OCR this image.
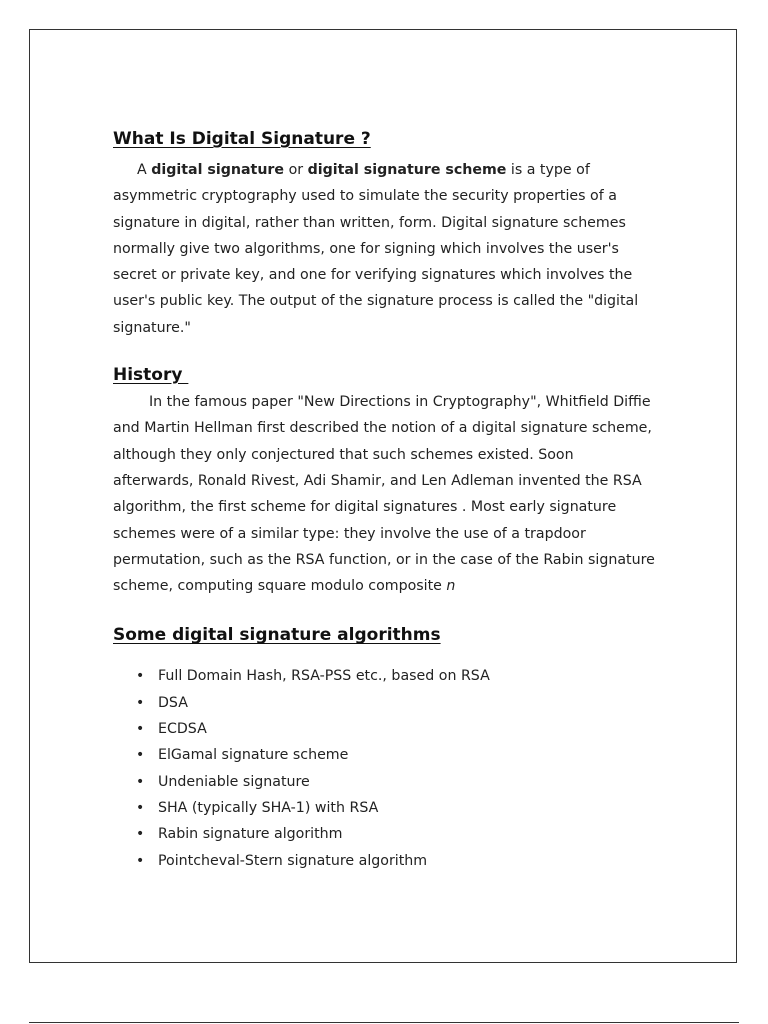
What Is Digital Signature ?

A digital signature or digital signature scheme is a type of asymmetric cryptography used to simulate the security properties of a signature in digital, rather than written, form. Digital signature schemes normally give two algorithms, one for signing which involves the user's secret or private key, and one for verifying signatures which involves the user's public key. The output of the signature process is called the "digital signature."

History

In the famous paper "New Directions in Cryptography", Whitfield Diffie and Martin Hellman first described the notion of a digital signature scheme, although they only conjectured that such schemes existed. Soon afterwards, Ronald Rivest, Adi Shamir, and Len Adleman invented the RSA algorithm, the first scheme for digital signatures . Most early signature schemes were of a similar type: they involve the use of a trapdoor permutation, such as the RSA function, or in the case of the Rabin signature scheme, computing square modulo composite n

Some digital signature algorithms
• Full Domain Hash, RSA-PSS etc., based on RSA
• DSA
• ECDSA
• ElGamal signature scheme
• Undeniable signature
• SHA (typically SHA-1) with RSA
• Rabin signature algorithm
• Pointcheval-Stern signature algorithm
